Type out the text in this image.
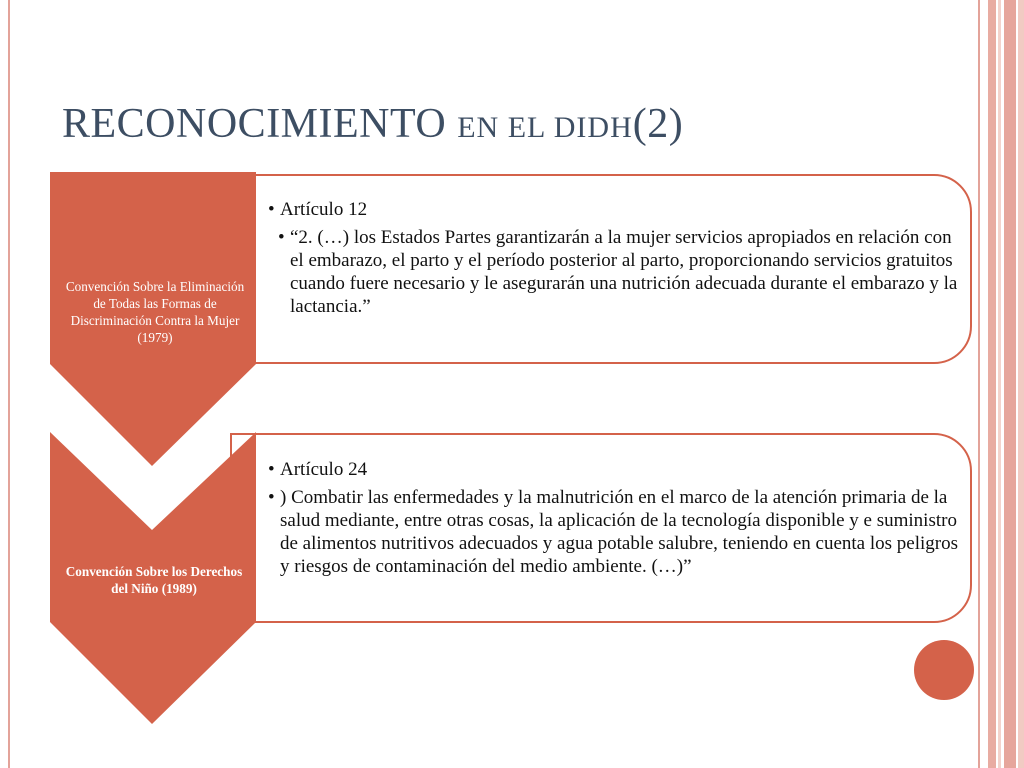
RECONOCIMIENTO EN EL DIDH(2)
Convención Sobre la Eliminación de Todas las Formas de Discriminación Contra la Mujer (1979)
Convención Sobre los Derechos del Niño (1989)
• Artículo 12
• “2. (…) los Estados Partes garantizarán a la mujer servicios apropiados en relación con el embarazo, el parto y el período posterior al parto, proporcionando servicios gratuitos cuando fuere necesario y le asegurarán una nutrición adecuada durante el embarazo y la lactancia.”
• Artículo 24
• ) Combatir las enfermedades y la malnutrición en el marco de la atención primaria de la salud mediante, entre otras cosas, la aplicación de la tecnología disponible y e suministro de alimentos nutritivos adecuados y agua potable salubre, teniendo en cuenta los peligros y riesgos de contaminación del medio ambiente. (…)”
